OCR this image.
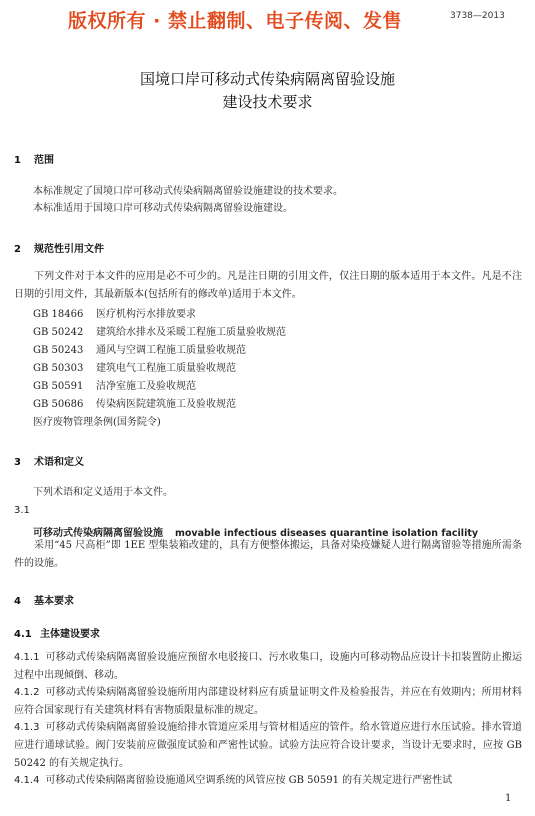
版权所有 · 禁止翻制、电子传阅、发售	3738—2013
国境口岸可移动式传染病隔离留验设施
建设技术要求
1 范围
本标准规定了国境口岸可移动式传染病隔离留验设施建设的技术要求。
本标准适用于国境口岸可移动式传染病隔离留验设施建设。
2 规范性引用文件
下列文件对于本文件的应用是必不可少的。凡是注日期的引用文件，仅注日期的版本适用于本文件。凡是不注日期的引用文件，其最新版本(包括所有的修改单)适用于本文件。
GB 18466 医疗机构污水排放要求
GB 50242 建筑给水排水及采暖工程施工质量验收规范
GB 50243 通风与空调工程施工质量验收规范
GB 50303 建筑电气工程施工质量验收规范
GB 50591 洁净室施工及验收规范
GB 50686 传染病医院建筑施工及验收规范
医疗废物管理条例(国务院令)
3 术语和定义
下列术语和定义适用于本文件。
3.1
可移动式传染病隔离留验设施 movable infectious diseases quarantine isolation facility
采用“45 尺高柜”即 1EE 型集装箱改建的，具有方便整体搬运，具备对染疫嫌疑人进行隔离留验等措施所需条件的设施。
4 基本要求
4.1 主体建设要求
4.1.1 可移动式传染病隔离留验设施应预留水电驳接口、污水收集口，设施内可移动物品应设计卡扣装置防止搬运过程中出现倾倒、移动。
4.1.2 可移动式传染病隔离留验设施所用内部建设材料应有质量证明文件及检验报告，并应在有效期内；所用材料应符合国家现行有关建筑材料有害物质限量标准的规定。
4.1.3 可移动式传染病隔离留验设施给排水管道应采用与管材相适应的管件。给水管道应进行水压试验。排水管道应进行通球试验。阀门安装前应做强度试验和严密性试验。试验方法应符合设计要求，当设计无要求时，应按 GB 50242 的有关规定执行。
4.1.4 可移动式传染病隔离留验设施通风空调系统的风管应按 GB 50591 的有关规定进行严密性试
1
